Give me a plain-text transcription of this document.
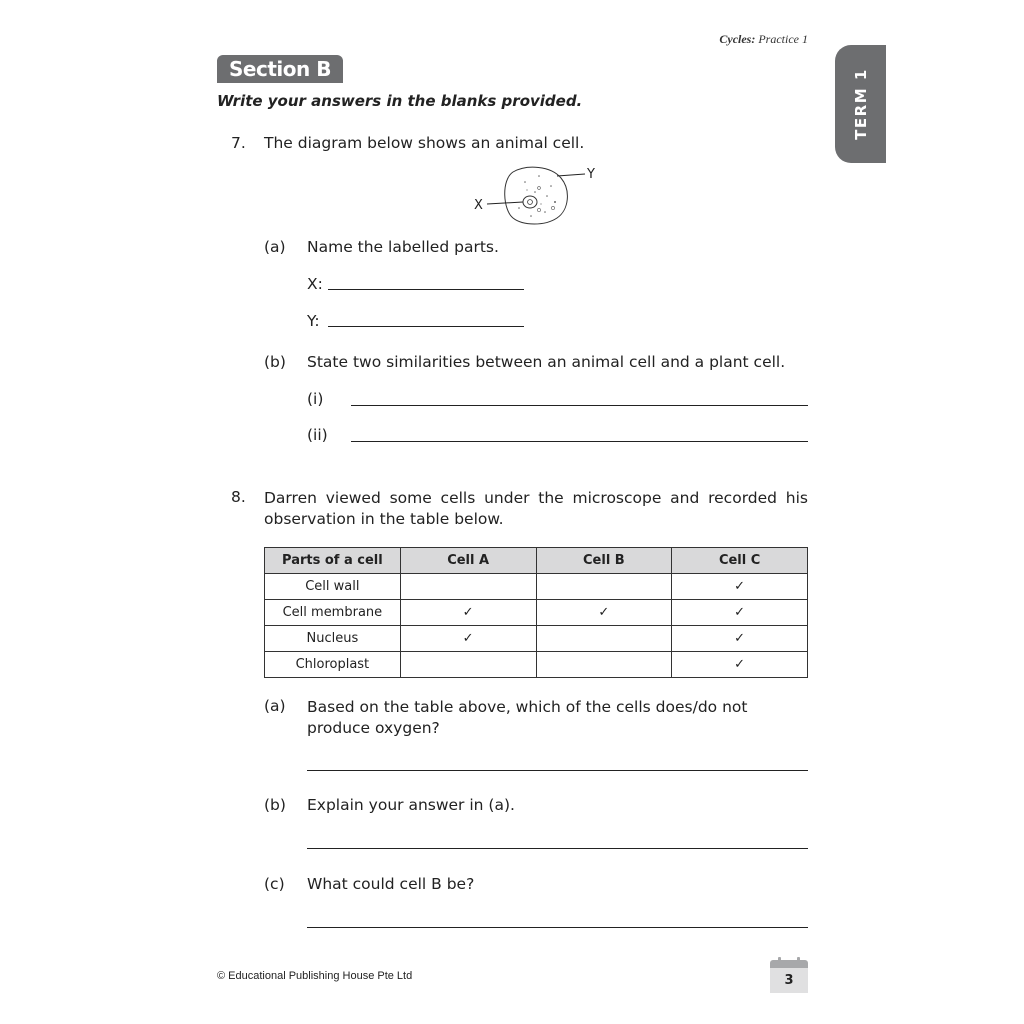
Cycles: Practice 1
TERM 1
Section B
Write your answers in the blanks provided.
7. The diagram below shows an animal cell.
X
Y
(a) Name the labelled parts.
X:
Y:
(b) State two similarities between an animal cell and a plant cell.
(i)
(ii)
8. Darren viewed some cells under the microscope and recorded his observation in the table below.
Parts of a cell	Cell A	Cell B	Cell C
Cell wall			✓
Cell membrane	✓	✓	✓
Nucleus	✓		✓
Chloroplast			✓
(a) Based on the table above, which of the cells does/do not produce oxygen?
(b) Explain your answer in (a).
(c) What could cell B be?
© Educational Publishing House Pte Ltd	3
